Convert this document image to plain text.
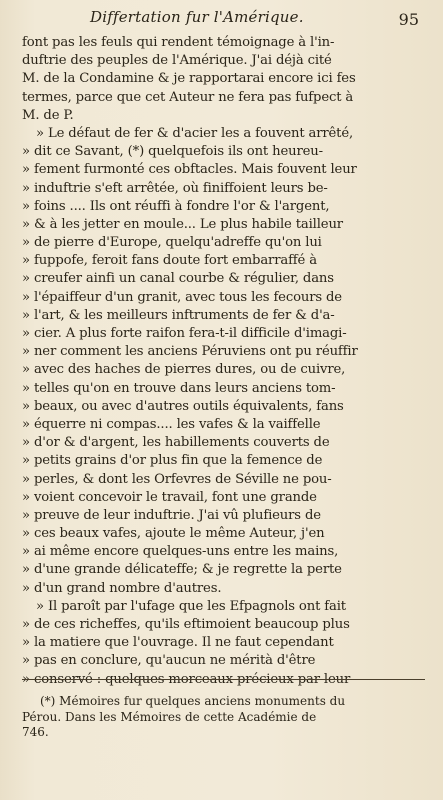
Differtation fur l'Amérique.	95
font pas les feuls qui rendent témoignage à l'in-
duftrie des peuples de l'Amérique. J'ai déjà cité
M. de la Condamine & je rapportarai encore ici fes
termes, parce que cet Auteur ne fera pas fufpect à
M. de P.
» Le défaut de fer & d'acier les a fouvent arrêté,
» dit ce Savant, (*) quelquefois ils ont heureu-
» fement furmonté ces obftacles. Mais fouvent leur
» induftrie s'eft arrêtée, où finiffoient leurs be-
» foins .... Ils ont réuffi à fondre l'or & l'argent,
» & à les jetter en moule... Le plus habile tailleur
» de pierre d'Europe, quelqu'adreffe qu'on lui
» fuppofe, feroit fans doute fort embarraffé à
» creufer ainfi un canal courbe & régulier, dans
» l'épaiffeur d'un granit, avec tous les fecours de
» l'art, & les meilleurs inftruments de fer & d'a-
» cier. A plus forte raifon fera-t-il difficile d'imagi-
» ner comment les anciens Péruviens ont pu réuffir
» avec des haches de pierres dures, ou de cuivre,
» telles qu'on en trouve dans leurs anciens tom-
» beaux, ou avec d'autres outils équivalents, fans
» équerre ni compas.... les vafes & la vaiffelle
» d'or & d'argent, les habillements couverts de
» petits grains d'or plus fin que la femence de
» perles, & dont les Orfevres de Séville ne pou-
» voient concevoir le travail, font une grande
» preuve de leur induftrie. J'ai vû plufieurs de
» ces beaux vafes, ajoute le même Auteur, j'en
» ai même encore quelques-uns entre les mains,
» d'une grande délicateffe; & je regrette la perte
» d'un grand nombre d'autres.
» Il paroît par l'ufage que les Efpagnols ont fait
» de ces richeffes, qu'ils eftimoient beaucoup plus
» la matiere que l'ouvrage. Il ne faut cependant
» pas en conclure, qu'aucun ne mérità d'être
» conservé : quelques morceaux précieux par leur
(*) Mémoires fur quelques anciens monuments du
Pérou. Dans les Mémoires de cette Académie de
746.
